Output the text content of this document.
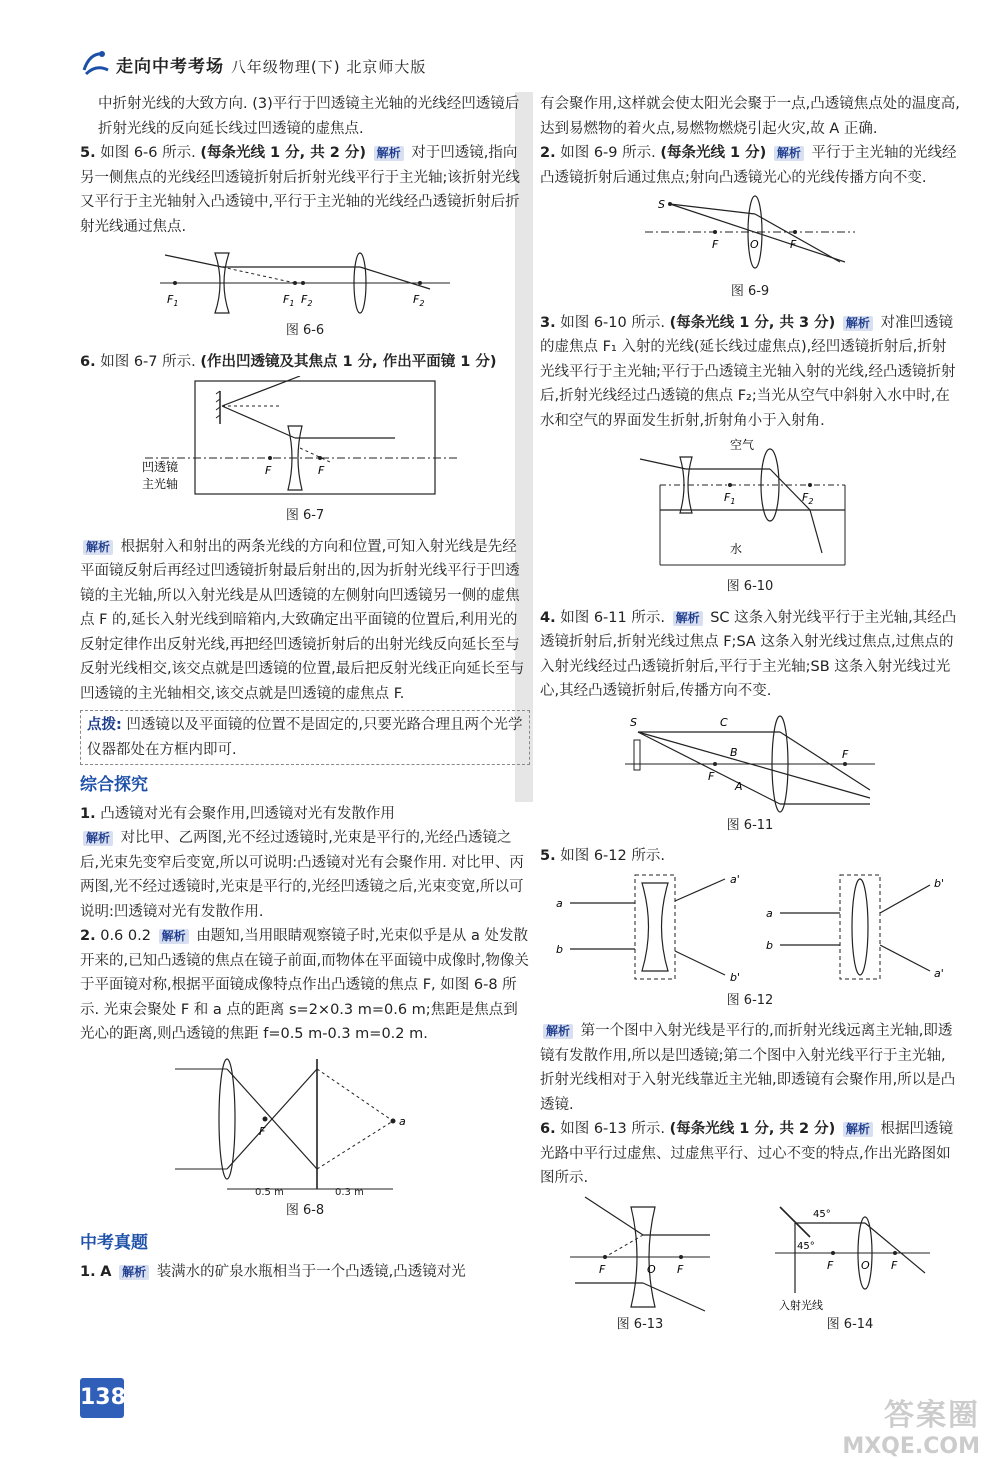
走向中考考场 八年级物理(下) 北京师大版

中折射光线的大致方向. (3)平行于凹透镜主光轴的光线经凹透镜后折射光线的反向延长线过凹透镜的虚焦点.

5. 如图 6-6 所示. (每条光线 1 分, 共 2 分) 解析 对于凹透镜,指向另一侧焦点的光线经凹透镜折射后折射光线平行于主光轴;该折射光线又平行于主光轴射入凸透镜中,平行于主光轴的光线经凸透镜折射后折射光线通过焦点.

$F_1$	$F_1$ $F_2$	$F_2$
图 6-6

6. 如图 6-7 所示. (作出凹透镜及其焦点 1 分, 作出平面镜 1 分)

F	F
凹透镜
主光轴
图 6-7

解析 根据射入和射出的两条光线的方向和位置,可知入射光线是先经平面镜反射后再经过凹透镜折射最后射出的,因为折射光线平行于凹透镜的主光轴,所以入射光线是从凹透镜的左侧射向凹透镜另一侧的虚焦点 F 的,延长入射光线到暗箱内,大致确定出平面镜的位置后,利用光的反射定律作出反射光线,再把经凹透镜折射后的出射光线反向延长至与反射光线相交,该交点就是凹透镜的位置,最后把反射光线正向延长至与凹透镜的主光轴相交,该交点就是凹透镜的虚焦点 F.

点拨: 凹透镜以及平面镜的位置不是固定的,只要光路合理且两个光学仪器都处在方框内即可.
综合探究

1. 凸透镜对光有会聚作用,凹透镜对光有发散作用
解析 对比甲、乙两图,光不经过透镜时,光束是平行的,光经凸透镜之后,光束先变窄后变宽,所以可说明:凸透镜对光有会聚作用. 对比甲、丙两图,光不经过透镜时,光束是平行的,光经凹透镜之后,光束变宽,所以可说明:凹透镜对光有发散作用.

2. 0.6 0.2 解析 由题知,当用眼睛观察镜子时,光束似乎是从 a 处发散开来的,已知凸透镜的焦点在镜子前面,而物体在平面镜中成像时,物像关于平面镜对称,根据平面镜成像特点作出凸透镜的焦点 F, 如图 6-8 所示. 光束会聚处 F 和 a 点的距离 s=2×0.3 m=0.6 m;焦距是焦点到光心的距离,则凸透镜的焦距 f=0.5 m-0.3 m=0.2 m.

F
a
0.5 m	0.3 m
图 6-8
中考真题

1. A 解析 装满水的矿泉水瓶相当于一个凸透镜,凸透镜对光

有会聚作用,这样就会使太阳光会聚于一点,凸透镜焦点处的温度高,达到易燃物的着火点,易燃物燃烧引起火灾,故 A 正确.

2. 如图 6-9 所示. (每条光线 1 分) 解析 平行于主光轴的光线经凸透镜折射后通过焦点;射向凸透镜光心的光线传播方向不变.

S
F	O	F
图 6-9

3. 如图 6-10 所示. (每条光线 1 分, 共 3 分) 解析 对准凹透镜的虚焦点 F₁ 入射的光线(延长线过虚焦点),经凹透镜折射后,折射光线平行于主光轴;平行于凸透镜主光轴入射的光线,经凸透镜折射后,折射光线经过凸透镜的焦点 F₂;当光从空气中斜射入水中时,在水和空气的界面发生折射,折射角小于入射角.

空气
水
$F_1$	$F_2$
图 6-10

4. 如图 6-11 所示. 解析 SC 这条入射光线平行于主光轴,其经凸透镜折射后,折射光线过焦点 F;SA 这条入射光线过焦点,过焦点的入射光线经过凸透镜折射后,平行于主光轴;SB 这条入射光线过光心,其经凸透镜折射后,传播方向不变.

S	C
B
F
A
F
图 6-11

5. 如图 6-12 所示.

a
b
a'
b'
a
b
b'
a'
图 6-12

解析 第一个图中入射光线是平行的,而折射光线远离主光轴,即透镜有发散作用,所以是凹透镜;第二个图中入射光线平行于主光轴,折射光线相对于入射光线靠近主光轴,即透镜有会聚作用,所以是凸透镜.

6. 如图 6-13 所示. (每条光线 1 分, 共 2 分) 解析 根据凹透镜光路中平行过虚焦、过虚焦平行、过心不变的特点,作出光路图如图所示.

F	O F
图 6-13
45°
45°
F	O F
入射光线
图 6-14
138
答案圈
MXQE.COM
